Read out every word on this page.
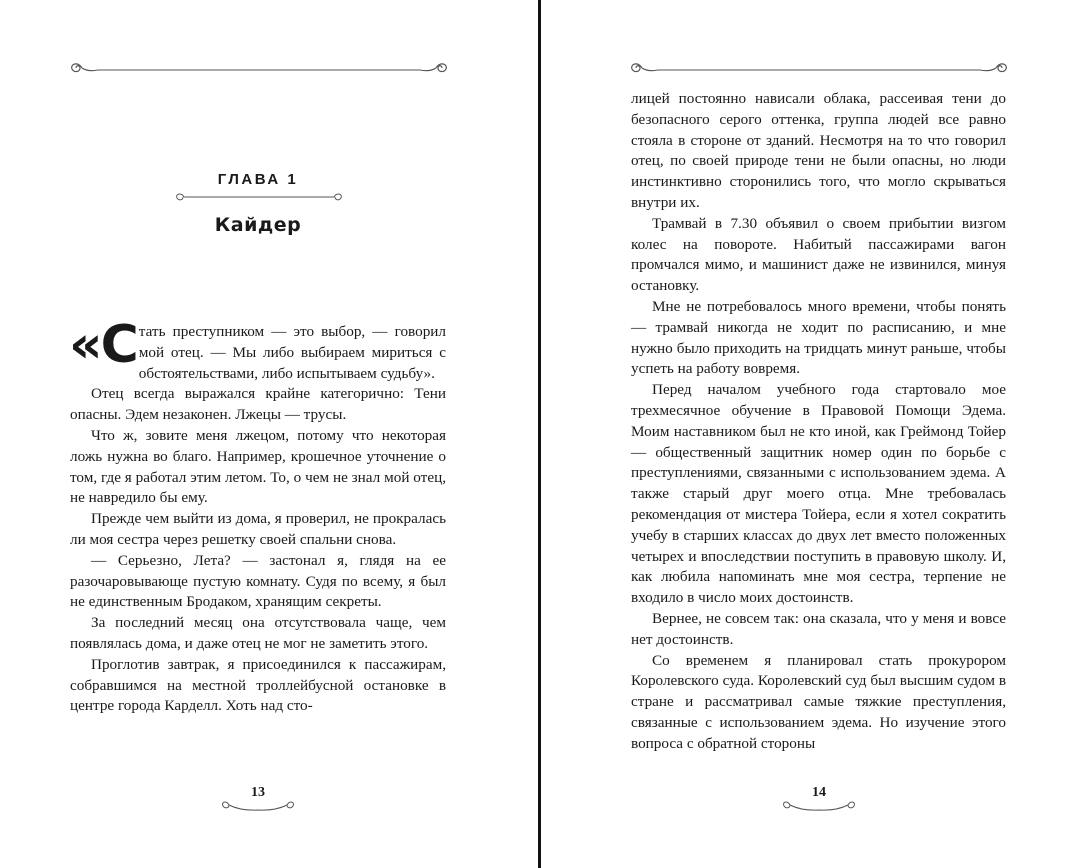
ГЛАВА 1
Кайдер

«Стать преступником — это выбор, — говорил мой отец. — Мы либо выбираем мириться с обстоятельствами, либо испытываем судьбу».

Отец всегда выражался крайне категорично: Тени опасны. Эдем незаконен. Лжецы — трусы.

Что ж, зовите меня лжецом, потому что некоторая ложь нужна во благо. Например, крошечное уточнение о том, где я работал этим летом. То, о чем не знал мой отец, не навредило бы ему.

Прежде чем выйти из дома, я проверил, не прокралась ли моя сестра через решетку своей спальни снова.

— Серьезно, Лета? — застонал я, глядя на ее разочаровывающе пустую комнату. Судя по всему, я был не единственным Бродаком, хранящим секреты.

За последний месяц она отсутствовала чаще, чем появлялась дома, и даже отец не мог не заметить этого.

Проглотив завтрак, я присоединился к пассажирам, собравшимся на местной троллейбусной остановке в центре города Карделл. Хоть над сто-

13

лицей постоянно нависали облака, рассеивая тени до безопасного серого оттенка, группа людей все равно стояла в стороне от зданий. Несмотря на то что говорил отец, по своей природе тени не были опасны, но люди инстинктивно сторонились того, что могло скрываться внутри их.

Трамвай в 7.30 объявил о своем прибытии визгом колес на повороте. Набитый пассажирами вагон промчался мимо, и машинист даже не извинился, минуя остановку.

Мне не потребовалось много времени, чтобы понять — трамвай никогда не ходит по расписанию, и мне нужно было приходить на тридцать минут раньше, чтобы успеть на работу вовремя.

Перед началом учебного года стартовало мое трехмесячное обучение в Правовой Помощи Эдема. Моим наставником был не кто иной, как Греймонд Тойер — общественный защитник номер один по борьбе с преступлениями, связанными с использованием эдема. А также старый друг моего отца. Мне требовалась рекомендация от мистера Тойера, если я хотел сократить учебу в старших классах до двух лет вместо положенных четырех и впоследствии поступить в правовую школу. И, как любила напоминать мне моя сестра, терпение не входило в число моих достоинств.

Вернее, не совсем так: она сказала, что у меня и вовсе нет достоинств.

Со временем я планировал стать прокурором Королевского суда. Королевский суд был высшим судом в стране и рассматривал самые тяжкие преступления, связанные с использованием эдема. Но изучение этого вопроса с обратной стороны

14
